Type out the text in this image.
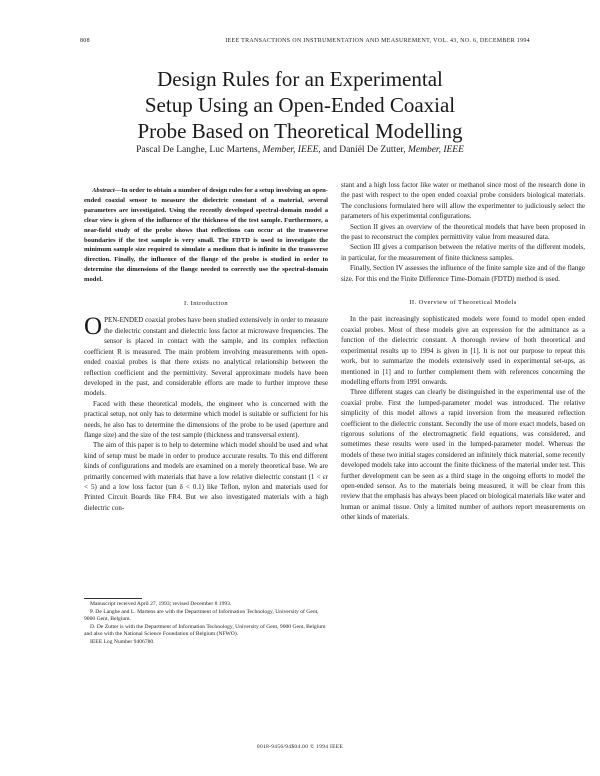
808	IEEE TRANSACTIONS ON INSTRUMENTATION AND MEASUREMENT, VOL. 43, NO. 6, DECEMBER 1994
Design Rules for an Experimental
Setup Using an Open-Ended Coaxial
Probe Based on Theoretical Modelling
Pascal De Langhe, Luc Martens, Member, IEEE, and Daniël De Zutter, Member, IEEE

Abstract—In order to obtain a number of design rules for a setup involving an open-ended coaxial sensor to measure the dielectric constant of a material, several parameters are investigated. Using the recently developed spectral-domain model a clear view is given of the influence of the thickness of the test sample. Furthermore, a near-field study of the probe shows that reflections can occur at the transverse boundaries if the test sample is very small. The FDTD is used to investigate the minimum sample size required to simulate a medium that is infinite in the transverse direction. Finally, the influence of the flange of the probe is studied in order to determine the dimensions of the flange needed to correctly use the spectral-domain model.

I. Introduction

OPEN-ENDED coaxial probes have been studied extensively in order to measure the dielectric constant and dielectric loss factor at microwave frequencies. The sensor is placed in contact with the sample, and its complex reflection coefficient R is measured. The main problem involving measurements with open-ended coaxial probes is that there exists no analytical relationship between the reflection coefficient and the permittivity. Several approximate models have been developed in the past, and considerable efforts are made to further improve these models.

Faced with these theoretical models, the engineer who is concerned with the practical setup, not only has to determine which model is suitable or sufficient for his needs, he also has to determine the dimensions of the probe to be used (aperture and flange size) and the size of the test sample (thickness and transversal extent).

The aim of this paper is to help to determine which model should be used and what kind of setup must be made in order to produce accurate results. To this end different kinds of configurations and models are examined on a merely theoretical base. We are primarily concerned with materials that have a low relative dielectric constant (1 < εr < 5) and a low loss factor (tan δ < 0.1) like Teflon, nylon and materials used for Printed Circuit Boards like FR4. But we also investigated materials with a high dielectric con-

Manuscript received April 27, 1993; revised December 8 1993.

P. De Langhe and L. Martens are with the Department of Information Technology, University of Gent, 9000 Gent, Belgium.

D. De Zutter is with the Department of Information Technology, University of Gent, 9000 Gent, Belgium and also with the National Science Foundation of Belgium (NFWO).

IEEE Log Number 9406780.

stant and a high loss factor like water or methanol since most of the research done in the past with respect to the open ended coaxial probe considers biological materials. The conclusions formulated here will allow the experimenter to judiciously select the parameters of his experimental configurations.

Section II gives an overview of the theoretical models that have been proposed in the past to reconstruct the complex permittivity value from measured data.

Section III gives a comparison between the relative merits of the different models, in particular, for the measurement of finite thickness samples.

Finally, Section IV assesses the influence of the finite sample size and of the flange size. For this end the Finite Difference Time-Domain (FDTD) method is used.

II. Overview of Theoretical Models

In the past increasingly sophisticated models were found to model open ended coaxial probes. Most of these models give an expression for the admittance as a function of the dielectric constant. A thorough review of both theoretical and experimental results up to 1994 is given in [1]. It is not our purpose to repeat this work, but to summarize the models extensively used in experimental set-ups, as mentioned in [1] and to further complement them with references concerning the modelling efforts from 1991 onwards.

Three different stages can clearly be distinguished in the experimental use of the coaxial probe. First the lumped-parameter model was introduced. The relative simplicity of this model allows a rapid inversion from the measured reflection coefficient to the dielectric constant. Secondly the use of more exact models, based on rigorous solutions of the electromagnetic field equations, was considered, and sometimes these results were used in the lumped-parameter model. Whereas the models of these two initial stages considered an infinitely thick material, some recently developed models take into account the finite thickness of the material under test. This further development can be seen as a third stage in the ongoing efforts to model the open-ended sensor. As to the materials being measured, it will be clear from this review that the emphasis has always been placed on biological materials like water and human or animal tissue. Only a limited number of authors report measurements on other kinds of materials.

0018-9456/94$04.00 © 1994 IEEE
